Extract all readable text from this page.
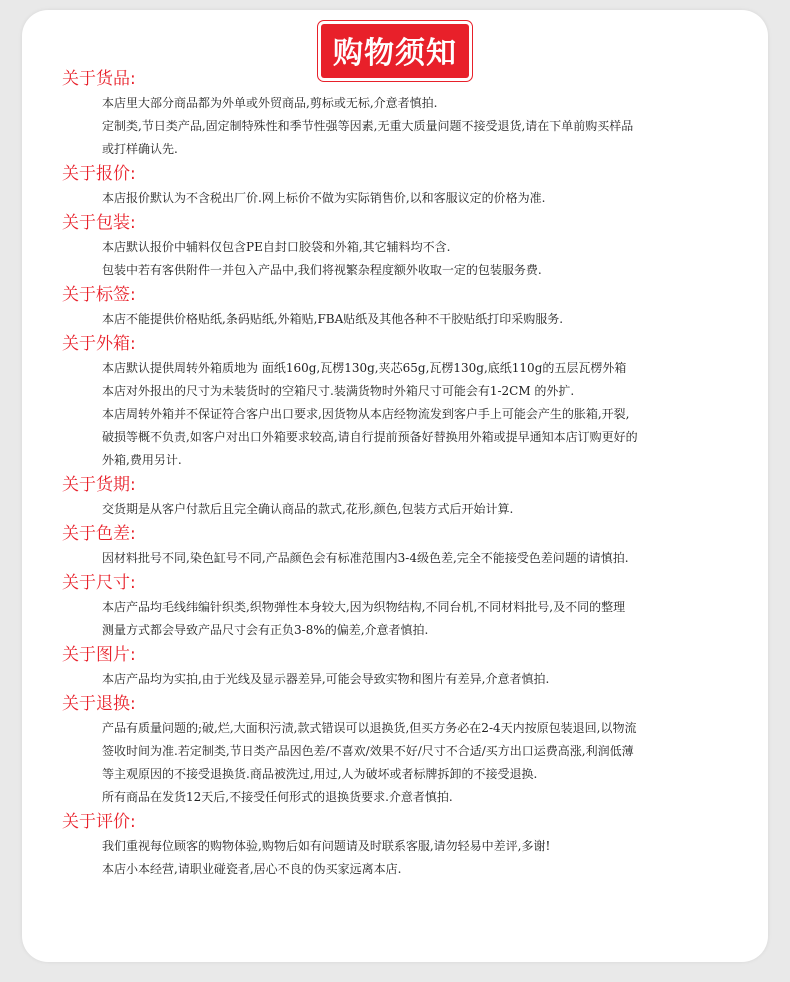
购物须知
关于货品:
本店里大部分商品都为外单或外贸商品,剪标或无标,介意者慎拍.
定制类,节日类产品,固定制特殊性和季节性强等因素,无重大质量问题不接受退货,请在下单前购买样品
或打样确认先.
关于报价:
本店报价默认为不含税出厂价.网上标价不做为实际销售价,以和客服议定的价格为准.
关于包装:
本店默认报价中辅料仅包含PE自封口胶袋和外箱,其它辅料均不含.
包装中若有客供附件一并包入产品中,我们将视繁杂程度额外收取一定的包装服务费.
关于标签:
本店不能提供价格贴纸,条码贴纸,外箱贴,FBA贴纸及其他各种不干胶贴纸打印采购服务.
关于外箱:
本店默认提供周转外箱质地为 面纸160g,瓦楞130g,夹芯65g,瓦楞130g,底纸110g的五层瓦楞外箱
本店对外报出的尺寸为未装货时的空箱尺寸.装满货物时外箱尺寸可能会有1-2CM 的外扩.
本店周转外箱并不保证符合客户出口要求,因货物从本店经物流发到客户手上可能会产生的胀箱,开裂,
破损等概不负责,如客户对出口外箱要求较高,请自行提前预备好替换用外箱或提早通知本店订购更好的
外箱,费用另计.
关于货期:
交货期是从客户付款后且完全确认商品的款式,花形,颜色,包装方式后开始计算.
关于色差:
因材料批号不同,染色缸号不同,产品颜色会有标准范围内3-4级色差,完全不能接受色差问题的请慎拍.
关于尺寸:
本店产品均毛线纬编针织类,织物弹性本身较大,因为织物结构,不同台机,不同材料批号,及不同的整理
测量方式都会导致产品尺寸会有正负3-8%的偏差,介意者慎拍.
关于图片:
本店产品均为实拍,由于光线及显示器差异,可能会导致实物和图片有差异,介意者慎拍.
关于退换:
产品有质量问题的;破,烂,大面积污渍,款式错误可以退换货,但买方务必在2-4天内按原包装退回,以物流
签收时间为准.若定制类,节日类产品因色差/不喜欢/效果不好/尺寸不合适/买方出口运费高涨,利润低薄
等主观原因的不接受退换货.商品被洗过,用过,人为破坏或者标牌拆卸的不接受退换.
所有商品在发货12天后,不接受任何形式的退换货要求.介意者慎拍.
关于评价:
我们重视每位顾客的购物体验,购物后如有问题请及时联系客服,请勿轻易中差评,多谢!
本店小本经营,请职业碰瓷者,居心不良的伪买家远离本店.
